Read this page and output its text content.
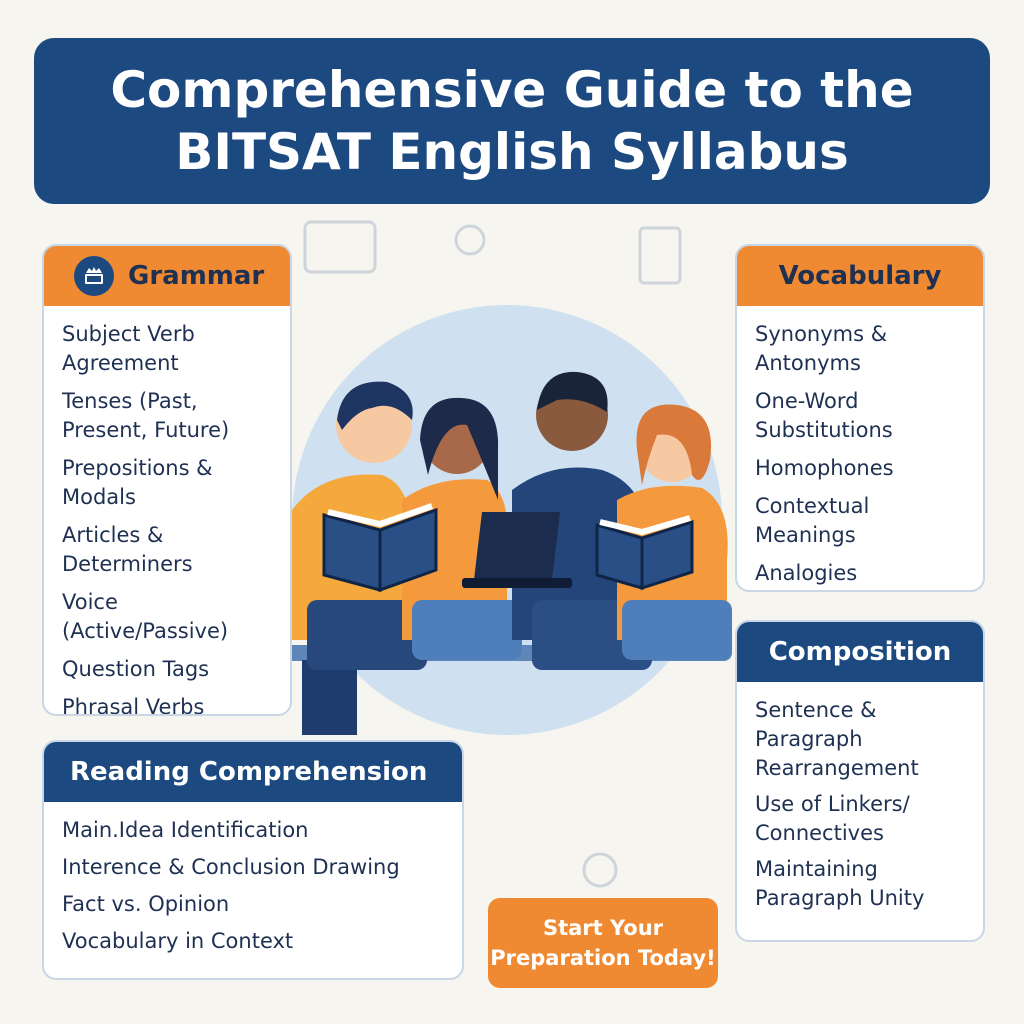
Comprehensive Guide to the
BITSAT English Syllabus
Grammar
Subject Verb Agreement
Tenses (Past, Present, Future)
Prepositions & Modals
Articles & Determiners
Voice (Active/Passive)
Question Tags
Phrasal Verbs
Vocabulary
Synonyms & Antonyms
One-Word Substitutions
Homophones
Contextual Meanings
Analogies
Composition
Sentence & Paragraph Rearrangement
Use of Linkers/ Connectives
Maintaining Paragraph Unity
Reading Comprehension
Main.Idea Identification
Interence & Conclusion Drawing
Fact vs. Opinion
Vocabulary in Context
Start Your
Preparation Today!
